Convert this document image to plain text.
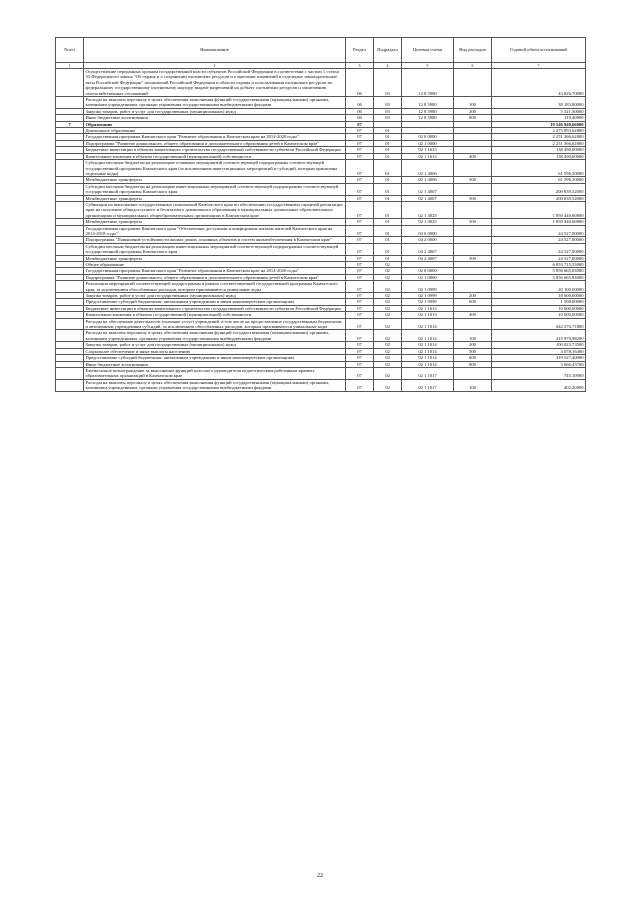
№п/п	Наименование	Раздел	Подраздел	Целевая статья	Вид расходов	Годовой объем ассигнований
1	2	3	4	5	6	7
	Осуществление переданных органам государственной власти субъектов Российской Федерации в соответствии с частью 1 статьи 33 Федерального закона "Об охране и о сохранении охотничьих ресурсов и о внесении изменений в отдельные законодательные акты Российской Федерации" полномочий Российской Федерации в области охраны и использования охотничьих ресурсов по федеральному государственному охотничьему надзору, выдаче разрешений на добычу охотничьих ресурсов и заключению охотхозяйственных соглашений	06	03	12 8 5980		43 826,70000
	Расходы на выплаты персоналу в целях обеспечения выполнения функций государственными (муниципальными) органами, казенными учреждениями, органами управления государственными внебюджетными фондами	06	03	12 8 5980	100	38 183,80000
	Закупка товаров, работ и услуг для государственных (муниципальных) нужд	06	03	12 8 5980	200	5 521,50000
	Иные бюджетные ассигнования	06	03	12 8 5980	800	119,40000
7	Образование	07				10 546 940,66000
	Дошкольное образование	07	01			2 275 893,62800
	Государственная программа Камчатского края "Развитие образования в Камчатском крае на 2014-2020 годы"	07	01	02 0 0000		2 251 366,62800
	Подпрограмма "Развитие дошкольного, общего образования и дополнительного образования детей в Камчатском крае"	07	01	02 1 0000		2 251 366,62800
	Бюджетные инвестиции в объекты капитального строительства государственной собственности субъектов Российской Федерации	07	01	02 1 1613		138 490,00000
	Капитальные вложения в объекты государственной (муниципальной) собственности	07	01	02 1 1613	400	138 490,00000
	Субсидии местным бюджетам на реализацию основных мероприятий соответствующей подпрограммы соответствующей государственной программы Камчатского края (за исключением инвестиционных мероприятий и субсидий, которым присвоены отдельные коды)	07	01	02 1 4006		61 596,50000
	Межбюджетные трансферты	07	01	02 1 4006	500	61 596,50000
	Субсидии местным бюджетам на реализацию инвестиционных мероприятий соответствующей подпрограммы соответствующей государственной программы Камчатского края	07	01	02 1 4007		200 839,52000
	Межбюджетные трансферты	07	01	02 1 4007	500	200 839,52000
	Субвенции на выполнение государственных полномочий Камчатского края по обеспечению государственных гарантий реализации прав на получение общедоступного и бесплатного дошкольного образования в муниципальных дошкольных образовательных организациях и муниципальных общеобразовательных организациях в Камчатском крае	07	01	02 1 4025		1 850 440,60800
	Межбюджетные трансферты	07	01	02 1 4025	500	1 850 440,60800
	Государственная программа Камчатского края "Обеспечение доступным и комфортным жильем жителей Камчатского края на 2014-2018 годы"	07	01	04 0 0000		24 527,00000
	Подпрограмма "Повышение устойчивости жилых домов, основных объектов и систем жизнеобеспечения в Камчатском крае"	07	01	04 2 0000		24 527,00000
	Субсидии местным бюджетам на реализацию инвестиционных мероприятий соответствующей подпрограммы соответствующей государственной программы Камчатского края	07	01	04 2 4007		24 527,00000
	Межбюджетные трансферты	07	01	04 2 4007	500	24 527,00000
	Общее образование	07	02			6 053 715,53000
	Государственная программа Камчатского края "Развитие образования в Камчатском крае на 2014-2020 годы"	07	02	02 0 0000		5 856 665,83000
	Подпрограмма "Развитие дошкольного, общего образования и дополнительного образования детей в Камчатском крае"	07	02	02 1 0000		5 856 665,83000
	Реализация мероприятий соответствующей подпрограммы в рамках соответствующей государственной программы Камчатского края, за исключением обособленных расходов, которым присваиваются уникальные коды	07	02	02 1 0999		20 100,00000
	Закупка товаров, работ и услуг для государственных (муниципальных) нужд	07	02	02 1 0999	200	18 600,00000
	Предоставление субсидий бюджетным, автономным учреждениям и иным некоммерческим организациям	07	02	02 1 0999	600	1 500,00000
	Бюджетные инвестиции в объекты капитального строительства государственной собственности субъектов Российской Федерации	07	02	02 1 1613		10 000,00000
	Капитальные вложения в объекты государственной (муниципальной) собственности	07	02	02 1 1613	400	10 000,00000
	Расходы на обеспечение деятельности (оказание услуг) учреждений, в том числе на предоставление государственным бюджетным и автономным учреждениям субсидий, за исключением обособленных расходов, которым присваиваются уникальные коды	07	02	02 1 1014		642 276,71800
	Расходы на выплаты персоналу в целях обеспечения выполнения функций государственными (муниципальными) органами, казенными учреждениями, органами управления государственными внебюджетными фондами	07	02	02 1 1014	100	215 979,98200
	Закупка товаров, работ и услуг для государственных (муниципальных) нужд	07	02	02 1 1014	200	100 023,73500
	Социальное обеспечение и иные выплаты населению	07	02	02 1 1014	300	3 078,16400
	Предоставление субсидий бюджетным, автономным учреждениям и иным некоммерческим организациям	07	02	02 1 1014	600	319 527,40000
	Иные бюджетные ассигнования	07	02	02 1 1014	800	3 666,43700
	Ежемесячное вознаграждение за выполнение функций классного руководителя педагогическим работникам краевых образовательных организаций в Камчатском крае	07	02	02 1 1017		745,10000
	Расходы на выплаты персоналу в целях обеспечения выполнения функций государственными (муниципальными) органами, казенными учреждениями, органами управления государственными внебюджетными фондами	07	02	02 1 1017	100	402,20000
22
